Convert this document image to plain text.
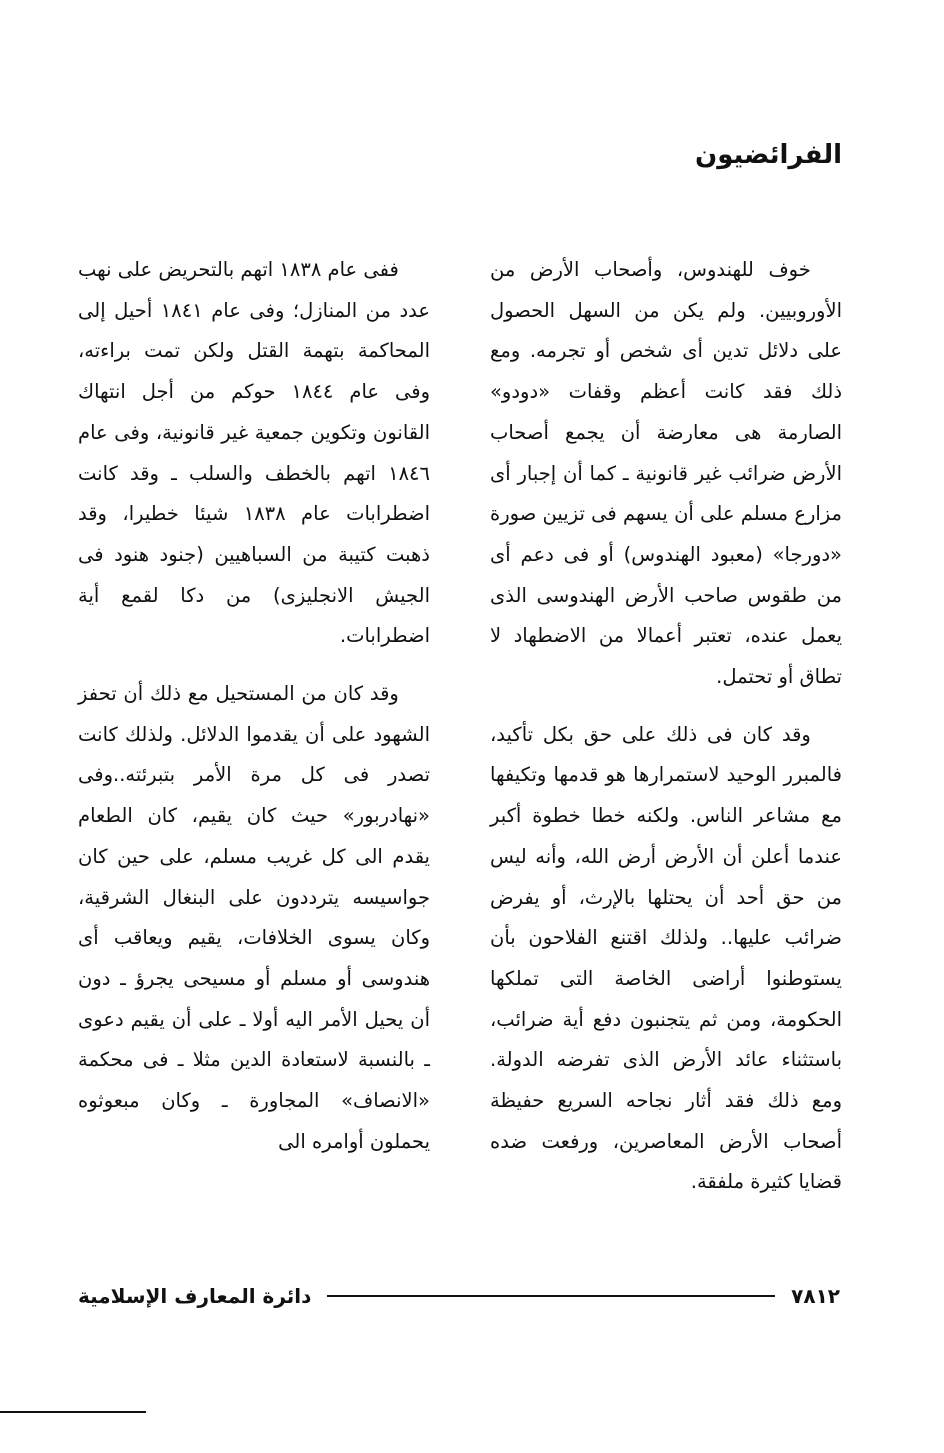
الفرائضيون

خوف للهندوس، وأصحاب الأرض من الأوروبيين. ولم يكن من السهل الحصول على دلائل تدين أى شخص أو تجرمه. ومع ذلك فقد كانت أعظم وقفات «دودو» الصارمة هى معارضة أن يجمع أصحاب الأرض ضرائب غير قانونية ـ كما أن إجبار أى مزارع مسلم على أن يسهم فى تزيين صورة «دورجا» (معبود الهندوس) أو فى دعم أى من طقوس صاحب الأرض الهندوسى الذى يعمل عنده، تعتبر أعمالا من الاضطهاد لا تطاق أو تحتمل.

وقد كان فى ذلك على حق بكل تأكيد، فالمبرر الوحيد لاستمرارها هو قدمها وتكيفها مع مشاعر الناس. ولكنه خطا خطوة أكبر عندما أعلن أن الأرض أرض الله، وأنه ليس من حق أحد أن يحتلها بالإرث، أو يفرض ضرائب عليها.. ولذلك اقتنع الفلاحون بأن يستوطنوا أراضى الخاصة التى تملكها الحكومة، ومن ثم يتجنبون دفع أية ضرائب، باستثناء عائد الأرض الذى تفرضه الدولة. ومع ذلك فقد أثار نجاحه السريع حفيظة أصحاب الأرض المعاصرين، ورفعت ضده قضايا كثيرة ملفقة.

ففى عام ١٨٣٨ اتهم بالتحريض على نهب عدد من المنازل؛ وفى عام ١٨٤١ أحيل إلى المحاكمة بتهمة القتل ولكن تمت براءته، وفى عام ١٨٤٤ حوكم من أجل انتهاك القانون وتكوين جمعية غير قانونية، وفى عام ١٨٤٦ اتهم بالخطف والسلب ـ وقد كانت اضطرابات عام ١٨٣٨ شيئا خطيرا، وقد ذهبت كتيبة من السباهيين (جنود هنود فى الجيش الانجليزى) من دكا لقمع أية اضطرابات.

وقد كان من المستحيل مع ذلك أن تحفز الشهود على أن يقدموا الدلائل. ولذلك كانت تصدر فى كل مرة الأمر بتبرئته..وفى «نهادربور» حيث كان يقيم، كان الطعام يقدم الى كل غريب مسلم، على حين كان جواسيسه يترددون على البنغال الشرقية، وكان يسوى الخلافات، يقيم ويعاقب أى هندوسى أو مسلم أو مسيحى يجرؤ ـ دون أن يحيل الأمر اليه أولا ـ على أن يقيم دعوى ـ بالنسبة لاستعادة الدين مثلا ـ فى محكمة «الانصاف» المجاورة ـ وكان مبعوثوه يحملون أوامره الى

دائرة المعارف الإسلامية	٧٨١٢
